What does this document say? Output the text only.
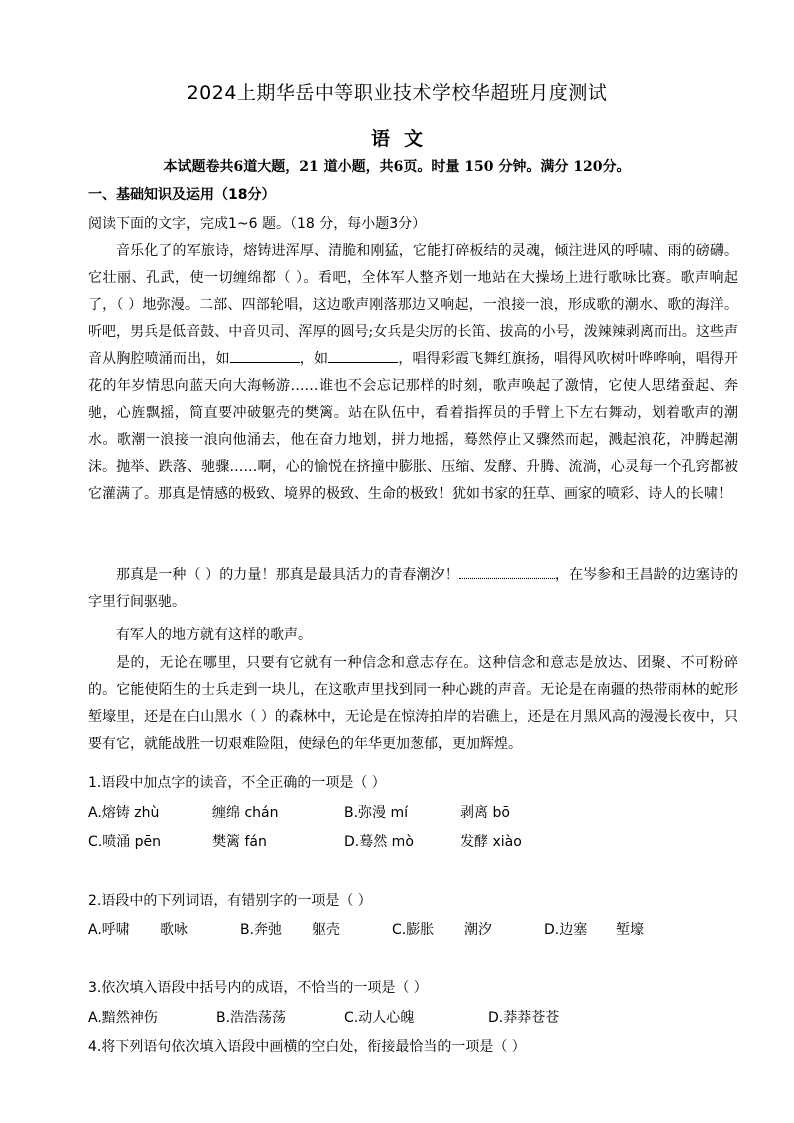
2024上期华岳中等职业技术学校华超班月度测试
语文
本试题卷共6道大题，21 道小题，共6页。时量 150 分钟。满分 120分。
一、基础知识及运用（18分）
阅读下面的文字，完成1~6 题。（18 分，每小题3分）
音乐化了的军旅诗，熔铸进浑厚、清脆和刚猛，它能打碎板结的灵魂，倾注进风的呼啸、雨的磅礴。它壮丽、孔武，使一切缠绵都（ ）。看吧，全体军人整齐划一地站在大操场上进行歌咏比赛。歌声响起了，（ ）地弥漫。二部、四部轮唱，这边歌声刚落那边又响起，一浪接一浪，形成歌的潮水、歌的海洋。听吧，男兵是低音鼓、中音贝司、浑厚的圆号;女兵是尖厉的长笛、拔高的小号，泼辣辣剥离而出。这些声音从胸腔喷涌而出，如	，如	，唱得彩霞飞舞红旗扬，唱得风吹树叶哗哗响，唱得开花的年岁情思向蓝天向大海畅游……谁也不会忘记那样的时刻，歌声唤起了激情，它使人思绪蚕起、奔驰，心旌飘摇，简直要冲破躯壳的樊篱。站在队伍中，看着指挥员的手臂上下左右舞动，划着歌声的潮水。歌潮一浪接一浪向他涌去，他在奋力地划，拼力地摇，蓦然停止又骤然而起，溅起浪花，冲腾起潮沫。抛举、跌落、驰骤……啊，心的愉悦在挤撞中膨胀、压缩、发酵、升腾、流淌，心灵每一个孔窍都被它灌满了。那真是情感的极致、境界的极致、生命的极致！犹如书家的狂草、画家的喷彩、诗人的长啸！
那真是一种（ ）的力量！那真是最具活力的青春潮汐！	，在岑参和王昌龄的边塞诗的字里行间驱驰。
有军人的地方就有这样的歌声。
是的，无论在哪里，只要有它就有一种信念和意志存在。这种信念和意志是放达、团聚、不可粉碎的。它能使陌生的士兵走到一块儿，在这歌声里找到同一种心跳的声音。无论是在南疆的热带雨林的蛇形堑壕里，还是在白山黑水（ ）的森林中，无论是在惊涛拍岸的岩礁上，还是在月黑风高的漫漫长夜中，只要有它，就能战胜一切艰难险阻，使绿色的年华更加葱郁，更加辉煌。
1.语段中加点字的读音，不全正确的一项是（ ）
A.熔铸 zhù	缠绵 chán	B.弥漫 mí	剥离 bō
C.喷涌 pēn	樊篱 fán	D.蓦然 mò	发酵 xiào
2.语段中的下列词语，有错别字的一项是（ ）
A.呼啸 歌咏	B.奔弛 躯壳	C.膨胀 潮汐	D.边塞 堑壕
3.依次填入语段中括号内的成语，不恰当的一项是（ ）
A.黯然神伤	B.浩浩荡荡	C.动人心魄	D.莽莽苍苍
4.将下列语句依次填入语段中画横的空白处，衔接最恰当的一项是（ ）
